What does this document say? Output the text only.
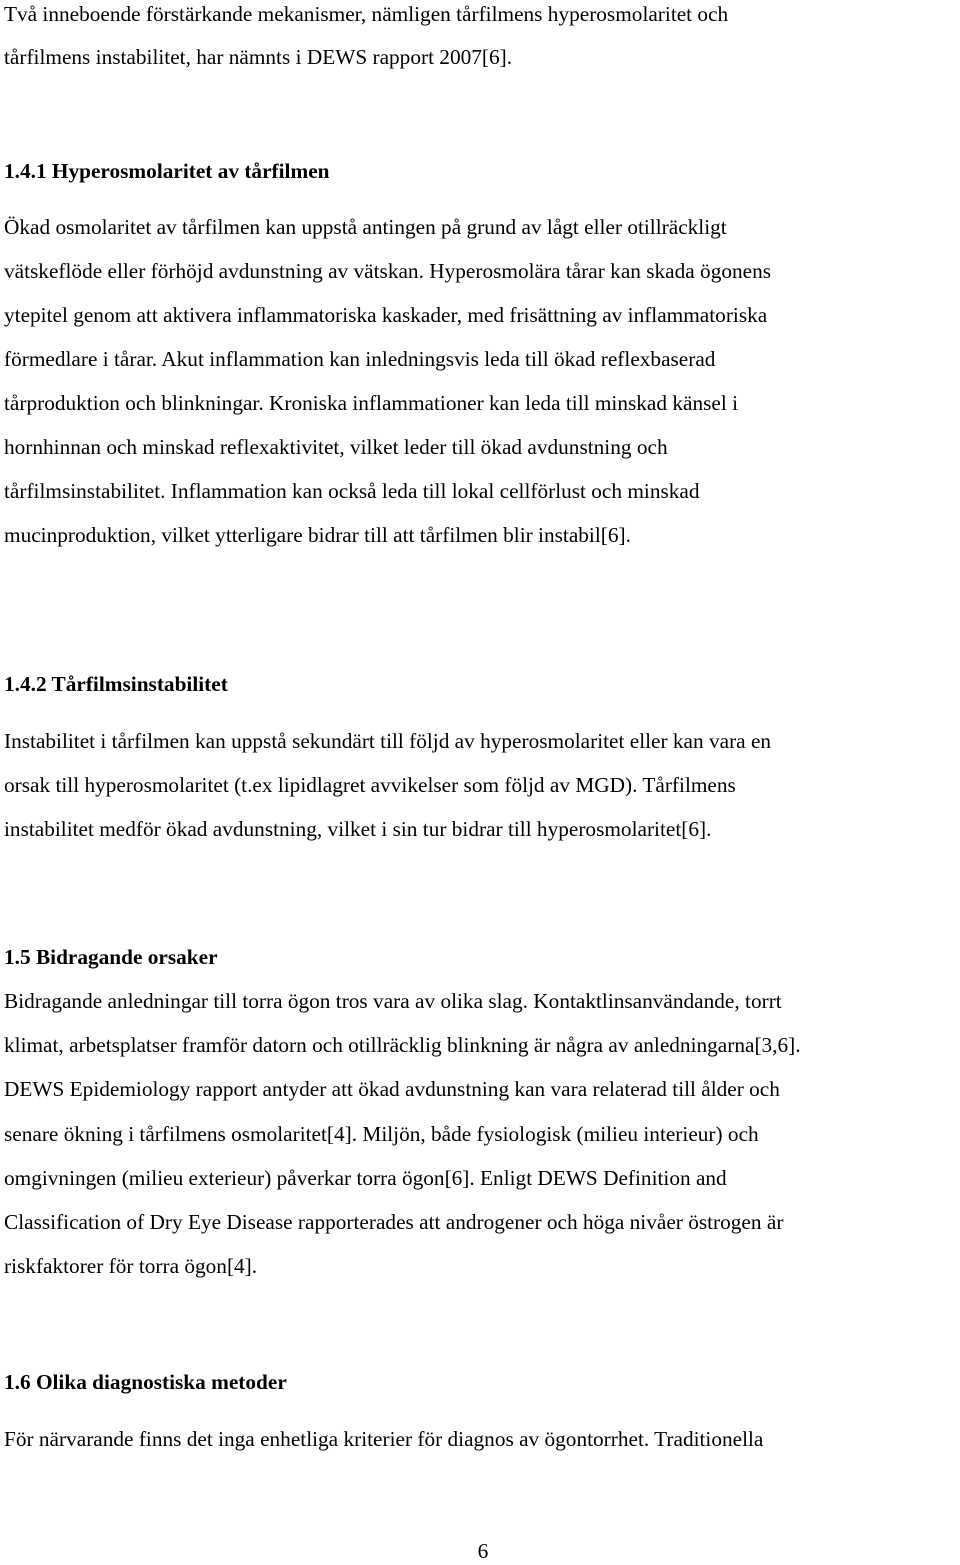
Två inneboende förstärkande mekanismer, nämligen tårfilmens hyperosmolaritet och
tårfilmens instabilitet, har nämnts i DEWS rapport 2007[6].
1.4.1 Hyperosmolaritet av tårfilmen
Ökad osmolaritet av tårfilmen kan uppstå antingen på grund av lågt eller otillräckligt
vätskeflöde eller förhöjd avdunstning av vätskan. Hyperosmolära tårar kan skada ögonens
ytepitel genom att aktivera inflammatoriska kaskader, med frisättning av inflammatoriska
förmedlare i tårar. Akut inflammation kan inledningsvis leda till ökad reflexbaserad
tårproduktion och blinkningar. Kroniska inflammationer kan leda till minskad känsel i
hornhinnan och minskad reflexaktivitet, vilket leder till ökad avdunstning och
tårfilmsinstabilitet. Inflammation kan också leda till lokal cellförlust och minskad
mucinproduktion, vilket ytterligare bidrar till att tårfilmen blir instabil[6].
1.4.2 Tårfilmsinstabilitet
Instabilitet i tårfilmen kan uppstå sekundärt till följd av hyperosmolaritet eller kan vara en
orsak till hyperosmolaritet (t.ex lipidlagret avvikelser som följd av MGD). Tårfilmens
instabilitet medför ökad avdunstning, vilket i sin tur bidrar till hyperosmolaritet[6].
1.5 Bidragande orsaker
Bidragande anledningar till torra ögon tros vara av olika slag. Kontaktlinsanvändande, torrt
klimat, arbetsplatser framför datorn och otillräcklig blinkning är några av anledningarna[3,6].
DEWS Epidemiology rapport antyder att ökad avdunstning kan vara relaterad till ålder och
senare ökning i tårfilmens osmolaritet[4]. Miljön, både fysiologisk (milieu interieur) och
omgivningen (milieu exterieur) påverkar torra ögon[6]. Enligt DEWS Definition and
Classification of Dry Eye Disease rapporterades att androgener och höga nivåer östrogen är
riskfaktorer för torra ögon[4].
1.6 Olika diagnostiska metoder
För närvarande finns det inga enhetliga kriterier för diagnos av ögontorrhet. Traditionella
6
